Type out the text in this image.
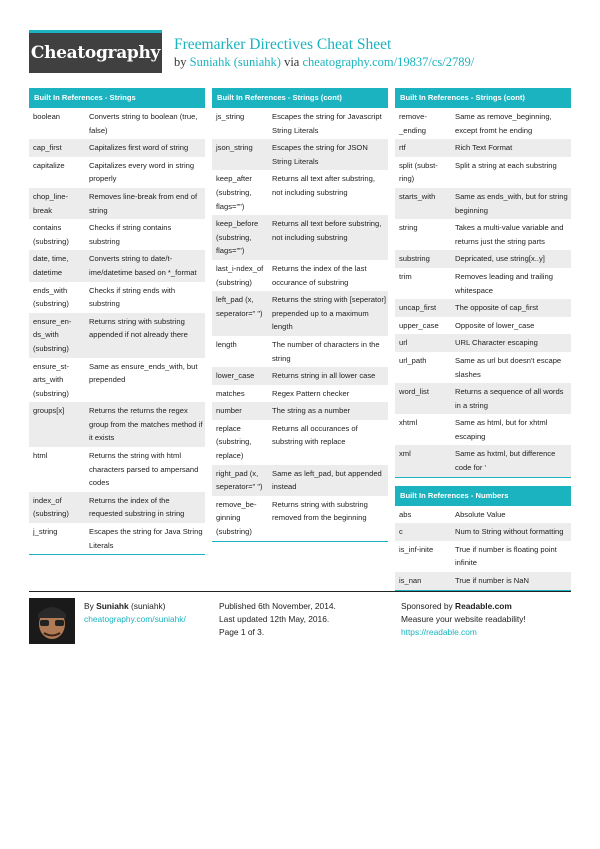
Cheatography Freemarker Directives Cheat Sheet
by Suniahk (suniahk) via cheatography.com/19837/cs/2789/
Built In References - Strings
boolean	Converts string to boolean (true, false)
cap_first	Capitalizes first word of string
capitalize	Capitalizes every word in string properly
chop_line-break	Removes line-break from end of string
contains (substring)	Checks if string contains substring
date, time, datetime	Converts string to date/t-ime/datetime based on *_format
ends_with (substring)	Checks if string ends with substring
ensure_en-ds_with (substring)	Returns string with substring appended if not already there
ensure_st-arts_with (substring)	Same as ensure_ends_with, but prepended
groups[x]	Returns the returns the regex group from the matches method if it exists
html	Returns the string with html characters parsed to ampersand codes
index_of (substring)	Returns the index of the requested substring in string
j_string	Escapes the string for Java String Literals
Built In References - Strings (cont)
js_string	Escapes the string for Javascript String Literals
json_string	Escapes the string for JSON String Literals
keep_after (substring, flags="")	Returns all text after substring, not including substring
keep_before (substring, flags="")	Returns all text before substring, not including substring
last_i-ndex_of (substring)	Returns the index of the last occurance of substring
left_pad (x, seperator=" ")	Returns the string with [seperator] prepended up to a maximum length
length	The number of characters in the string
lower_case	Returns string in all lower case
matches	Regex Pattern checker
number	The string as a number
replace (substring, replace)	Returns all occurances of substring with replace
right_pad (x, seperator=" ")	Same as left_pad, but appended instead
remove_be-ginning (substring)	Returns string with substring removed from the beginning
Built In References - Strings (cont)
remove-_ending	Same as remove_beginning, except fromt he ending
rtf	Rich Text Format
split (subst-ring)	Split a string at each substring
starts_with	Same as ends_with, but for string beginning
string	Takes a multi-value variable and returns just the string parts
substring	Depricated, use string[x..y]
trim	Removes leading and trailing whitespace
uncap_first	The opposite of cap_first
upper_case	Opposite of lower_case
url	URL Character escaping
url_path	Same as url but doesn't escape slashes
word_list	Returns a sequence of all words in a string
xhtml	Same as html, but for xhtml escaping
xml	Same as hxtml, but difference code for '
Built In References - Numbers
abs	Absolute Value
c	Num to String without formatting
is_inf-inite	True if number is floating point infinite
is_nan	True if number is NaN
By Suniahk (suniahk)
cheatography.com/suniahk/
Published 6th November, 2014.
Last updated 12th May, 2016.
Page 1 of 3.
Sponsored by Readable.com
Measure your website readability!
https://readable.com
